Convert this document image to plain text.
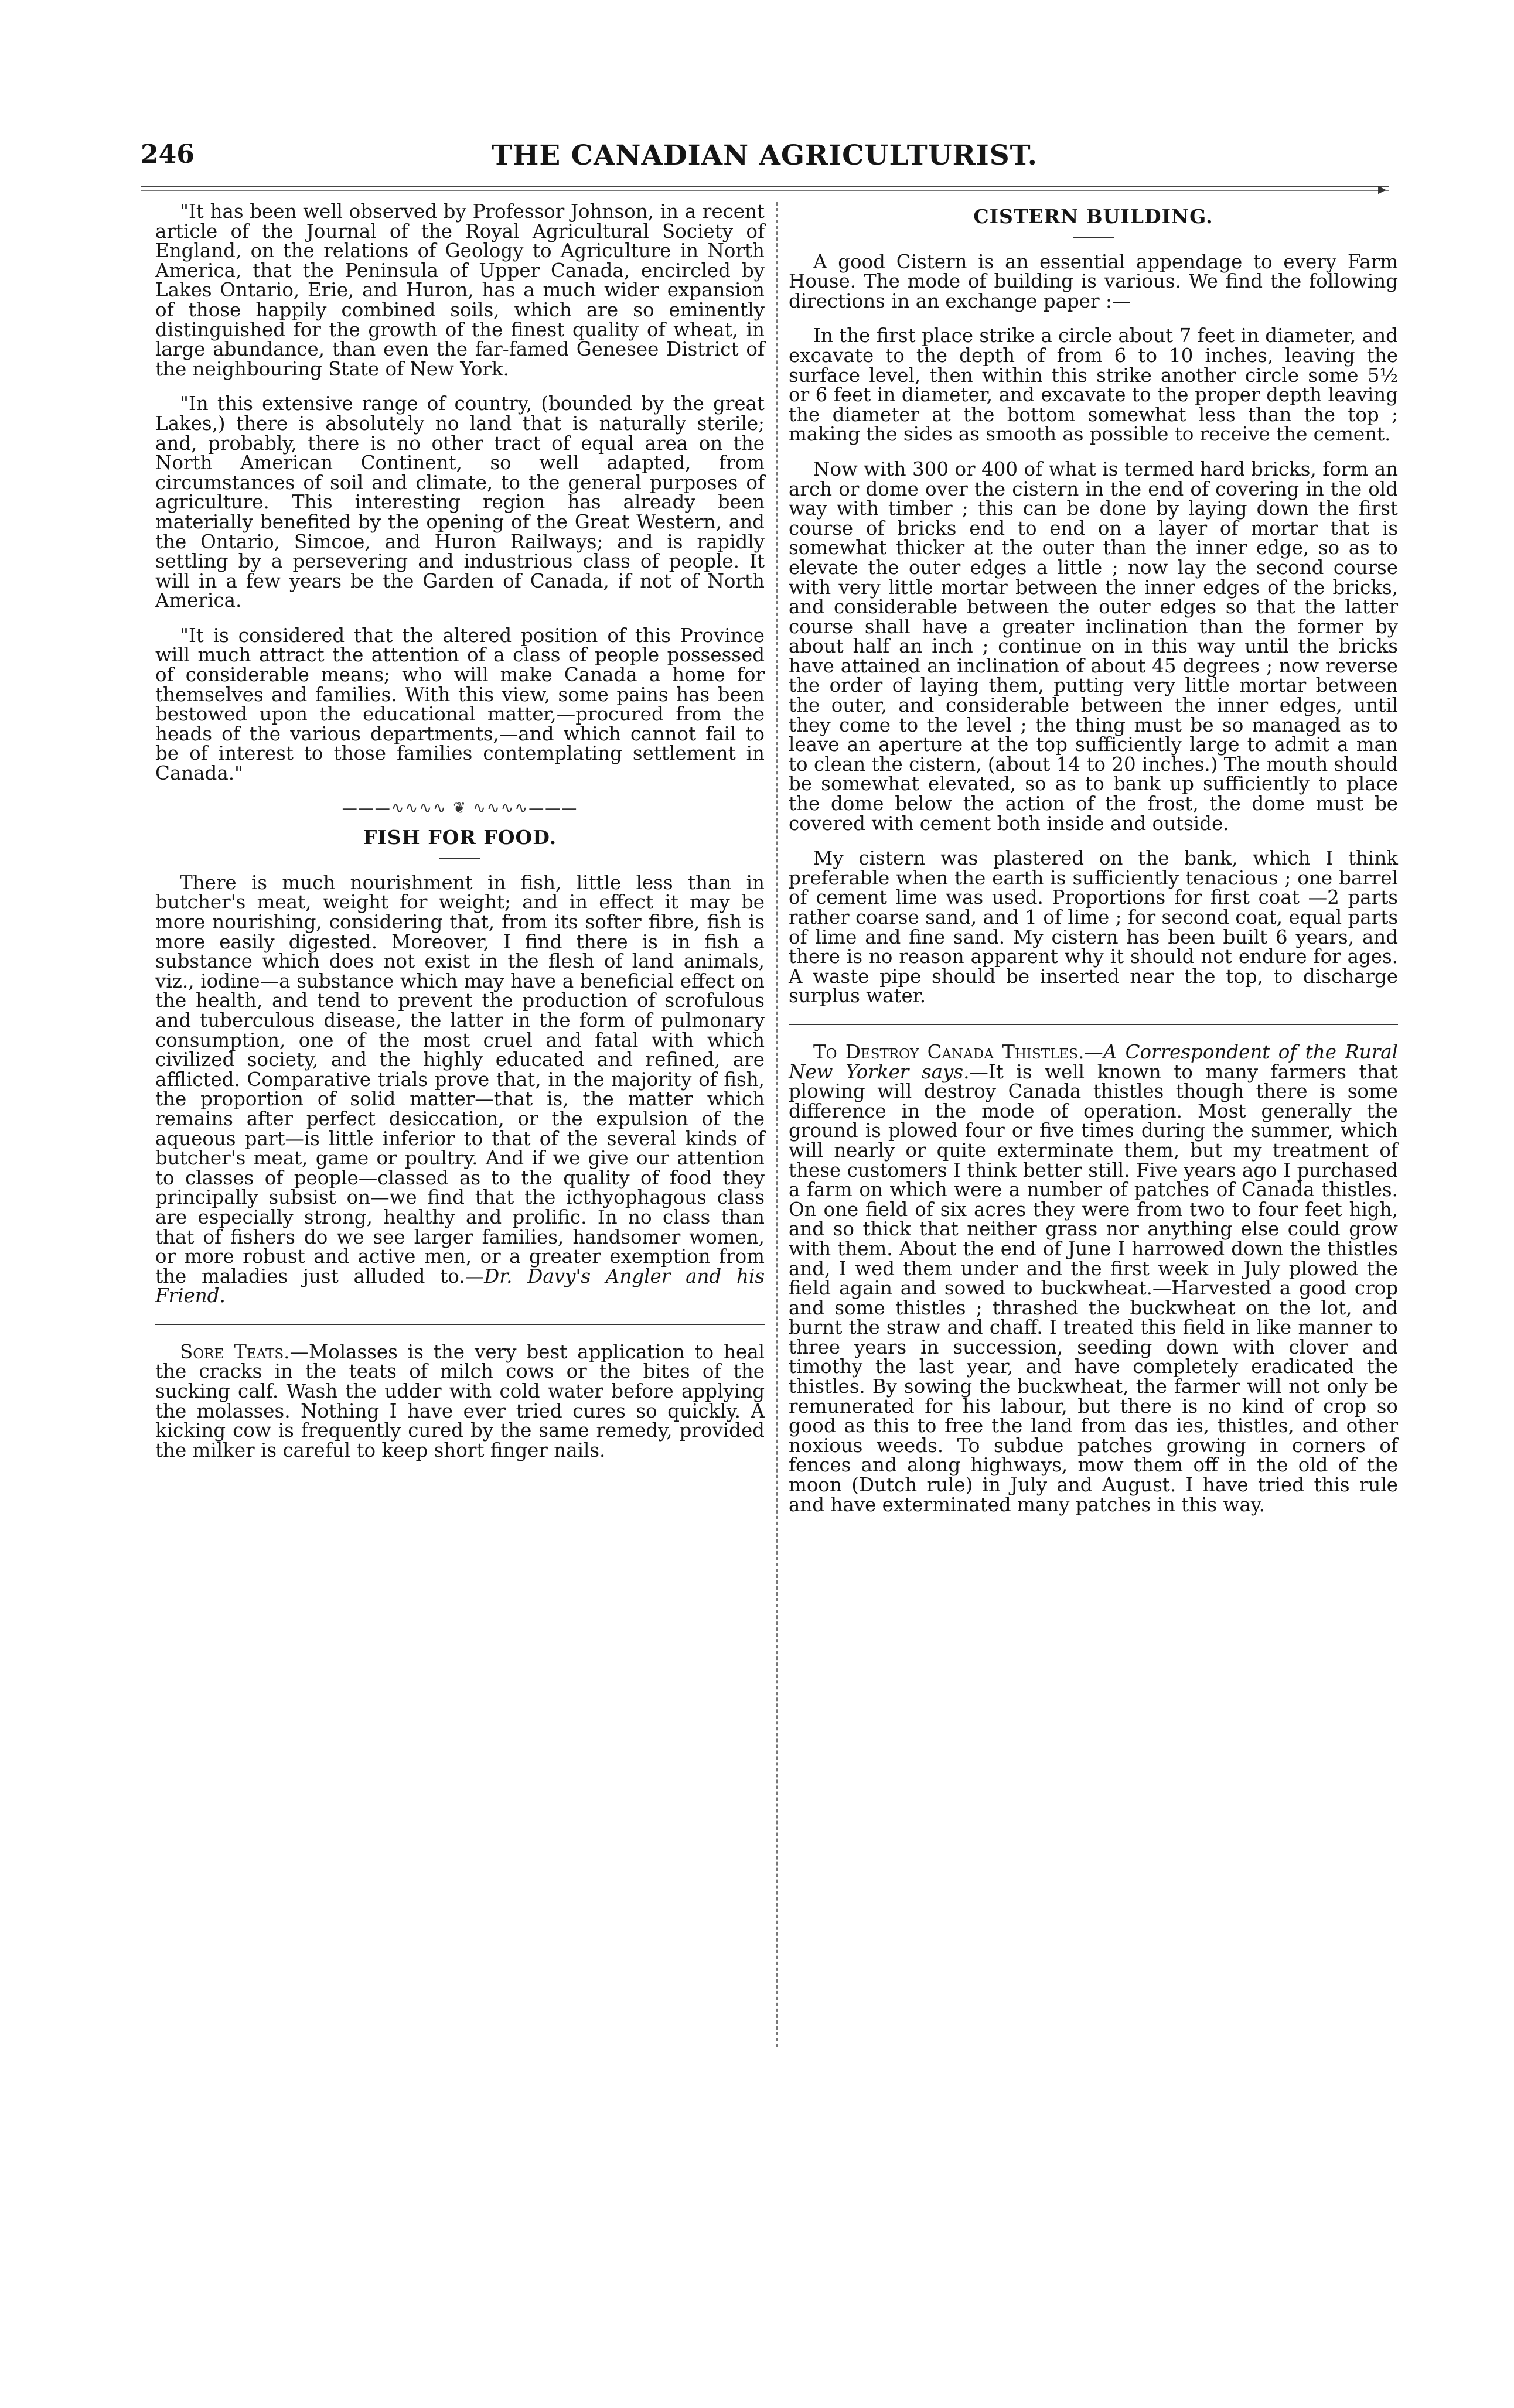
246	THE CANADIAN AGRICULTURIST.
▶

"It has been well observed by Professor Johnson, in a recent article of the Journal of the Royal Agricultural Society of England, on the relations of Geology to Agriculture in North America, that the Peninsula of Upper Canada, encircled by Lakes Ontario, Erie, and Huron, has a much wider expansion of those happily combined soils, which are so eminently distinguished for the growth of the finest quality of wheat, in large abundance, than even the far-famed Genesee District of the neighbouring State of New York.

"In this extensive range of country, (bounded by the great Lakes,) there is absolutely no land that is naturally sterile; and, probably, there is no other tract of equal area on the North American Continent, so well adapted, from circumstances of soil and climate, to the general purposes of agriculture. This interesting region has already been materially benefited by the opening of the Great Western, and the Ontario, Simcoe, and Huron Railways; and is rapidly settling by a persevering and industrious class of people. It will in a few years be the Garden of Canada, if not of North America.

"It is considered that the altered position of this Province will much attract the attention of a class of people possessed of considerable means; who will make Canada a home for themselves and families. With this view, some pains has been bestowed upon the educational matter,—procured from the heads of the various departments,—and which cannot fail to be of interest to those families contemplating settlement in Canada."

———∿∿∿∿ ❦ ∿∿∿∿———
FISH FOR FOOD.

There is much nourishment in fish, little less than in butcher's meat, weight for weight; and in effect it may be more nourishing, considering that, from its softer fibre, fish is more easily digested. Moreover, I find there is in fish a substance which does not exist in the flesh of land animals, viz., iodine—a substance which may have a beneficial effect on the health, and tend to prevent the production of scrofulous and tuberculous disease, the latter in the form of pulmonary consumption, one of the most cruel and fatal with which civilized society, and the highly educated and refined, are afflicted. Comparative trials prove that, in the majority of fish, the proportion of solid matter—that is, the matter which remains after perfect desiccation, or the expulsion of the aqueous part—is little inferior to that of the several kinds of butcher's meat, game or poultry. And if we give our attention to classes of people—classed as to the quality of food they principally subsist on—we find that the icthyophagous class are especially strong, healthy and prolific. In no class than that of fishers do we see larger families, handsomer women, or more robust and active men, or a greater exemption from the maladies just alluded to.—Dr. Davy's Angler and his Friend.

Sore Teats.—Molasses is the very best application to heal the cracks in the teats of milch cows or the bites of the sucking calf. Wash the udder with cold water before applying the molasses. Nothing I have ever tried cures so quickly. A kicking cow is frequently cured by the same remedy, provided the milker is careful to keep short finger nails.

CISTERN BUILDING.

A good Cistern is an essential appendage to every Farm House. The mode of building is various. We find the following directions in an exchange paper :—

In the first place strike a circle about 7 feet in diameter, and excavate to the depth of from 6 to 10 inches, leaving the surface level, then within this strike another circle some 5½ or 6 feet in diameter, and excavate to the proper depth leaving the diameter at the bottom somewhat less than the top ; making the sides as smooth as possible to receive the cement.

Now with 300 or 400 of what is termed hard bricks, form an arch or dome over the cistern in the end of covering in the old way with timber ; this can be done by laying down the first course of bricks end to end on a layer of mortar that is somewhat thicker at the outer than the inner edge, so as to elevate the outer edges a little ; now lay the second course with very little mortar between the inner edges of the bricks, and considerable between the outer edges so that the latter course shall have a greater inclination than the former by about half an inch ; continue on in this way until the bricks have attained an inclination of about 45 degrees ; now reverse the order of laying them, putting very little mortar between the outer, and considerable between the inner edges, until they come to the level ; the thing must be so managed as to leave an aperture at the top sufficiently large to admit a man to clean the cistern, (about 14 to 20 inches.) The mouth should be somewhat elevated, so as to bank up sufficiently to place the dome below the action of the frost, the dome must be covered with cement both inside and outside.

My cistern was plastered on the bank, which I think preferable when the earth is sufficiently tenacious ; one barrel of cement lime was used. Proportions for first coat —2 parts rather coarse sand, and 1 of lime ; for second coat, equal parts of lime and fine sand. My cistern has been built 6 years, and there is no reason apparent why it should not endure for ages. A waste pipe should be inserted near the top, to discharge surplus water.

To Destroy Canada Thistles.—A Correspondent of the Rural New Yorker says.—It is well known to many farmers that plowing will destroy Canada thistles though there is some difference in the mode of operation. Most generally the ground is plowed four or five times during the summer, which will nearly or quite exterminate them, but my treatment of these customers I think better still. Five years ago I purchased a farm on which were a number of patches of Canada thistles. On one field of six acres they were from two to four feet high, and so thick that neither grass nor anything else could grow with them. About the end of June I harrowed down the thistles and, I wed them under and the first week in July plowed the field again and sowed to buckwheat.—Harvested a good crop and some thistles ; thrashed the buckwheat on the lot, and burnt the straw and chaff. I treated this field in like manner to three years in succession, seeding down with clover and timothy the last year, and have completely eradicated the thistles. By sowing the buckwheat, the farmer will not only be remunerated for his labour, but there is no kind of crop so good as this to free the land from das ies, thistles, and other noxious weeds. To subdue patches growing in corners of fences and along highways, mow them off in the old of the moon (Dutch rule) in July and August. I have tried this rule and have exterminated many patches in this way.
